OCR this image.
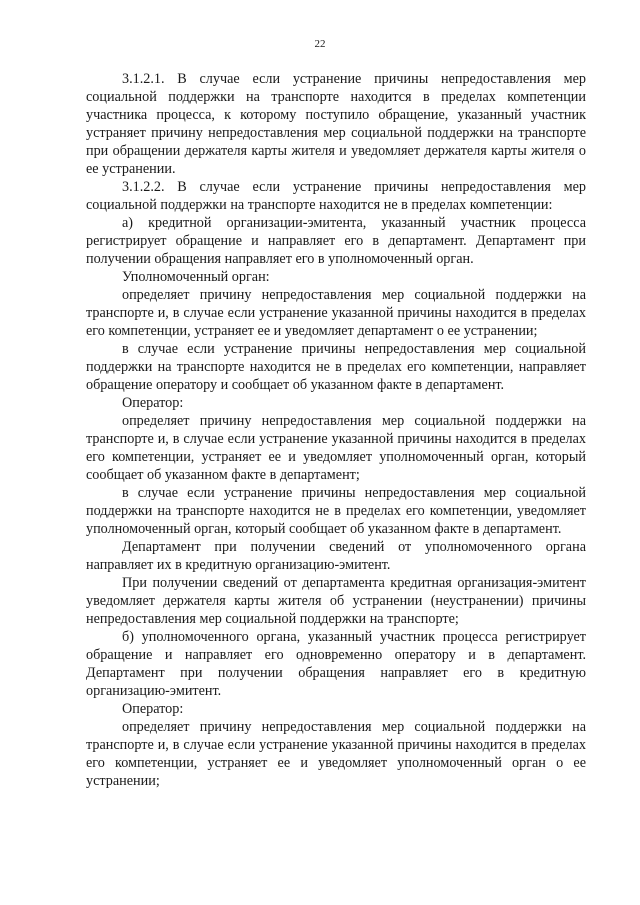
22

3.1.2.1. В случае если устранение причины непредоставления мер социальной поддержки на транспорте находится в пределах компетенции участника процесса, к которому поступило обращение, указанный участник устраняет причину непредоставления мер социальной поддержки на транспорте при обращении держателя карты жителя и уведомляет держателя карты жителя о ее устранении.

3.1.2.2. В случае если устранение причины непредоставления мер социальной поддержки на транспорте находится не в пределах компетенции:

а) кредитной организации-эмитента, указанный участник процесса регистрирует обращение и направляет его в департамент. Департамент при получении обращения направляет его в уполномоченный орган.

Уполномоченный орган:

определяет причину непредоставления мер социальной поддержки на транспорте и, в случае если устранение указанной причины находится в пределах его компетенции, устраняет ее и уведомляет департамент о ее устранении;

в случае если устранение причины непредоставления мер социальной поддержки на транспорте находится не в пределах его компетенции, направляет обращение оператору и сообщает об указанном факте в департамент.

Оператор:

определяет причину непредоставления мер социальной поддержки на транспорте и, в случае если устранение указанной причины находится в пределах его компетенции, устраняет ее и уведомляет уполномоченный орган, который сообщает об указанном факте в департамент;

в случае если устранение причины непредоставления мер социальной поддержки на транспорте находится не в пределах его компетенции, уведомляет уполномоченный орган, который сообщает об указанном факте в департамент.

Департамент при получении сведений от уполномоченного органа направляет их в кредитную организацию-эмитент.

При получении сведений от департамента кредитная организация-эмитент уведомляет держателя карты жителя об устранении (неустранении) причины непредоставления мер социальной поддержки на транспорте;

б) уполномоченного органа, указанный участник процесса регистрирует обращение и направляет его одновременно оператору и в департамент. Департамент при получении обращения направляет его в кредитную организацию-эмитент.

Оператор:

определяет причину непредоставления мер социальной поддержки на транспорте и, в случае если устранение указанной причины находится в пределах его компетенции, устраняет ее и уведомляет уполномоченный орган о ее устранении;
